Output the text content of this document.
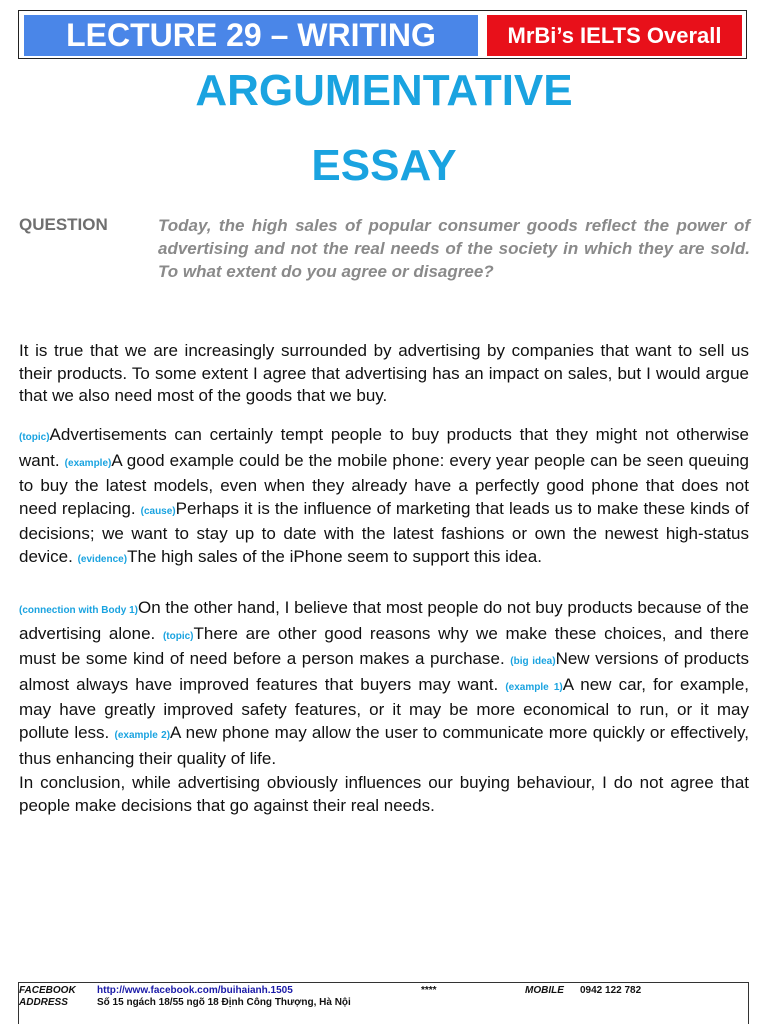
LECTURE 29 – WRITING	MrBi’s IELTS Overall
ARGUMENTATIVE
ESSAY
QUESTION	Today, the high sales of popular consumer goods reflect the power of advertising and not the real needs of the society in which they are sold. To what extent do you agree or disagree?
It is true that we are increasingly surrounded by advertising by companies that want to sell us their products. To some extent I agree that advertising has an impact on sales, but I would argue that we also need most of the goods that we buy.
(topic)Advertisements can certainly tempt people to buy products that they might not otherwise want. (example)A good example could be the mobile phone: every year people can be seen queuing to buy the latest models, even when they already have a perfectly good phone that does not need replacing. (cause)Perhaps it is the influence of marketing that leads us to make these kinds of decisions; we want to stay up to date with the latest fashions or own the newest high-status device. (evidence)The high sales of the iPhone seem to support this idea.
(connection with Body 1)On the other hand, I believe that most people do not buy products because of the advertising alone. (topic)There are other good reasons why we make these choices, and there must be some kind of need before a person makes a purchase. (big idea)New versions of products almost always have improved features that buyers may want. (example 1)A new car, for example, may have greatly improved safety features, or it may be more economical to run, or it may pollute less. (example 2)A new phone may allow the user to communicate more quickly or effectively, thus enhancing their quality of life.
In conclusion, while advertising obviously influences our buying behaviour, I do not agree that people make decisions that go against their real needs.
FACEBOOK http://www.facebook.com/buihaianh.1505	****	MOBILE 0942 122 782
ADDRESS	Số 15 ngách 18/55 ngõ 18 Định Công Thượng, Hà Nội
